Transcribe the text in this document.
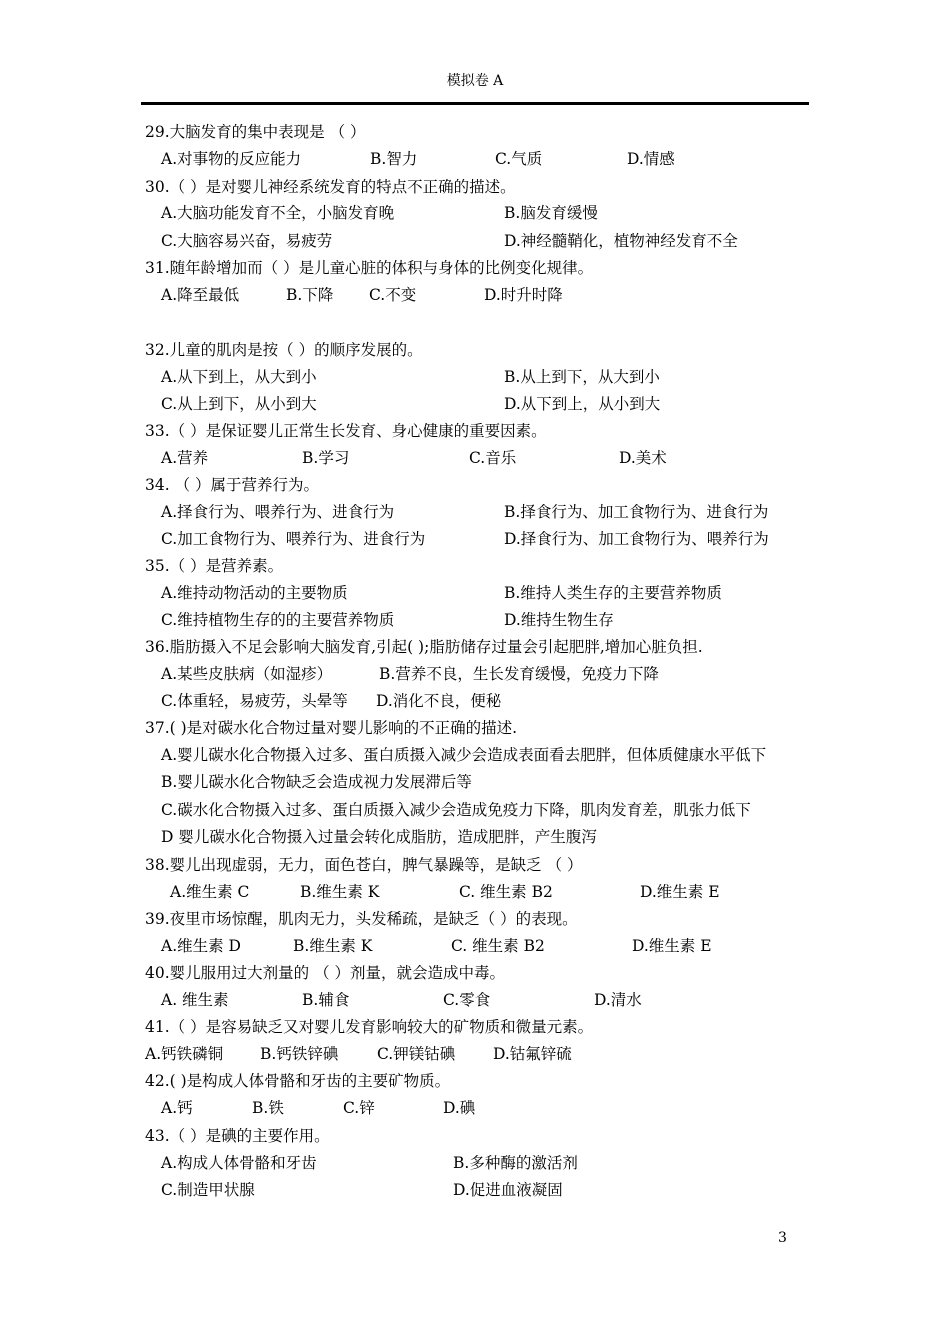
模拟卷 A
29.大脑发育的集中表现是 （ ）
A.对事物的反应能力	B.智力	C.气质	D.情感
30.（ ）是对婴儿神经系统发育的特点不正确的描述。
A.大脑功能发育不全，小脑发育晚	B.脑发育缓慢
C.大脑容易兴奋，易疲劳	D.神经髓鞘化，植物神经发育不全
31.随年龄增加而（ ）是儿童心脏的体积与身体的比例变化规律。
A.降至最低	B.下降 C.不变	D.时升时降
32.儿童的肌肉是按（ ）的顺序发展的。
A.从下到上，从大到小	B.从上到下，从大到小
C.从上到下，从小到大	D.从下到上，从小到大
33.（ ）是保证婴儿正常生长发育、身心健康的重要因素。
A.营养	B.学习	C.音乐	D.美术
34. （ ）属于营养行为。
A.择食行为、喂养行为、进食行为	B.择食行为、加工食物行为、进食行为
C.加工食物行为、喂养行为、进食行为	D.择食行为、加工食物行为、喂养行为
35.（ ）是营养素。
A.维持动物活动的主要物质	B.维持人类生存的主要营养物质
C.维持植物生存的的主要营养物质	D.维持生物生存
36.脂肪摄入不足会影响大脑发育,引起( );脂肪储存过量会引起肥胖,增加心脏负担.
A.某些皮肤病（如湿疹）	B.营养不良，生长发育缓慢，免疫力下降
C.体重轻，易疲劳，头晕等 D.消化不良，便秘
37.( )是对碳水化合物过量对婴儿影响的不正确的描述.
A.婴儿碳水化合物摄入过多、蛋白质摄入减少会造成表面看去肥胖，但体质健康水平低下
B.婴儿碳水化合物缺乏会造成视力发展滞后等
C.碳水化合物摄入过多、蛋白质摄入减少会造成免疫力下降，肌肉发育差，肌张力低下
D 婴儿碳水化合物摄入过量会转化成脂肪，造成肥胖，产生腹泻
38.婴儿出现虚弱，无力，面色苍白，脾气暴躁等，是缺乏 （ ）
A.维生素 C	B.维生素 K	C. 维生素 B2	D.维生素 E
39.夜里市场惊醒，肌肉无力，头发稀疏，是缺乏（ ）的表现。
A.维生素 D	B.维生素 K	C. 维生素 B2	D.维生素 E
40.婴儿服用过大剂量的 （ ）剂量，就会造成中毒。
A. 维生素	B.辅食	C.零食	D.清水
41.（ ）是容易缺乏又对婴儿发育影响较大的矿物质和微量元素。
A.钙铁磷铜 B.钙铁锌碘 C.钾镁钴碘 D.钴氟锌硫
42.( )是构成人体骨骼和牙齿的主要矿物质。
A.钙	B.铁	C.锌	D.碘
43.（ ）是碘的主要作用。
A.构成人体骨骼和牙齿	B.多种酶的激活剂
C.制造甲状腺	D.促进血液凝固
3
